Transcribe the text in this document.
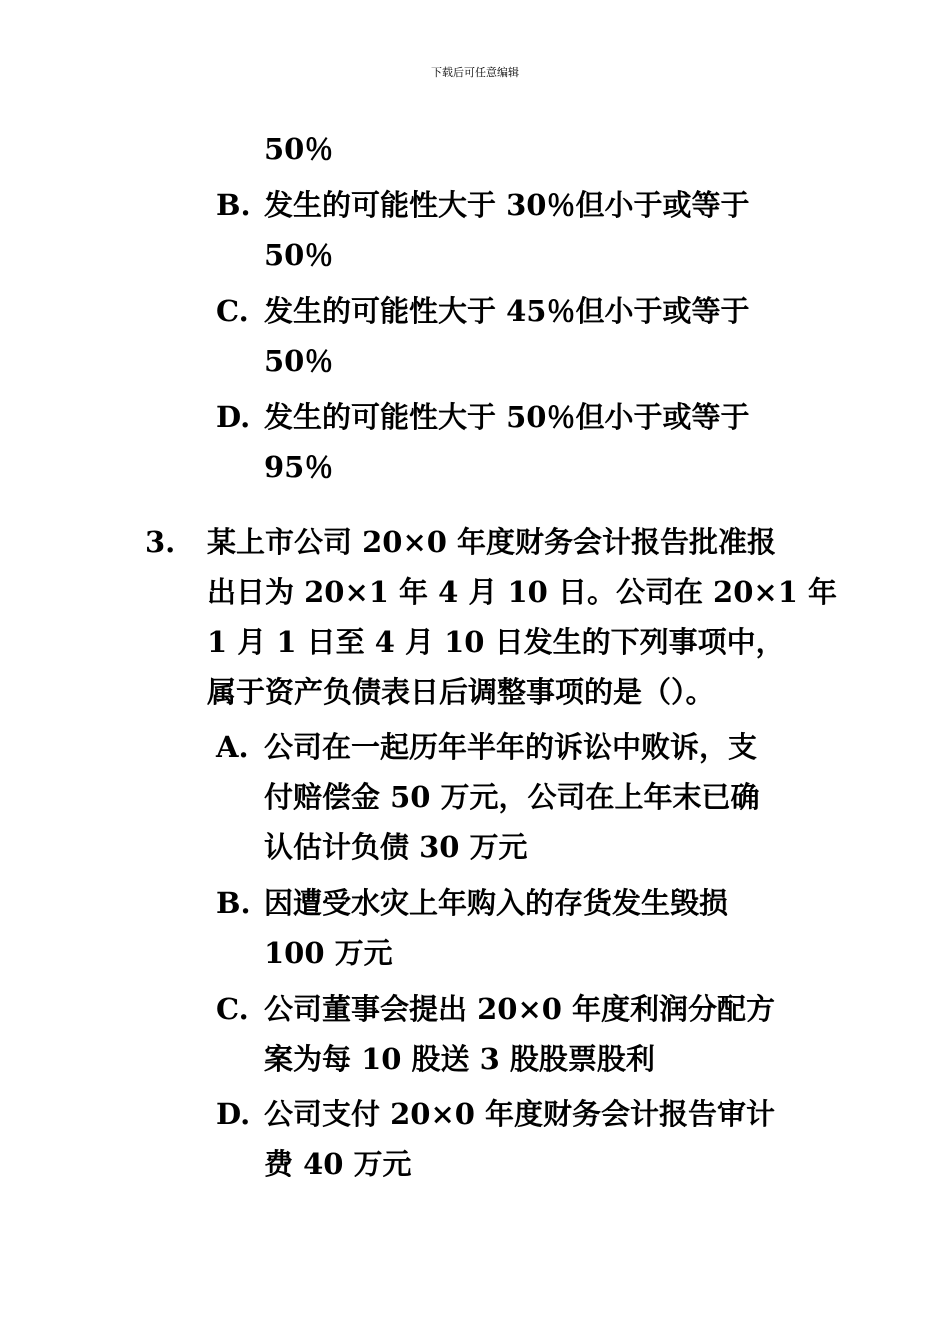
下载后可任意编辑
50％
B. 发生的可能性大于 30％但小于或等于
50％
C. 发生的可能性大于 45％但小于或等于
50％
D. 发生的可能性大于 50％但小于或等于
95％
3. 某上市公司 20×0 年度财务会计报告批准报
出日为 20×1 年 4 月 10 日。公司在 20×1 年
1 月 1 日至 4 月 10 日发生的下列事项中，
属于资产负债表日后调整事项的是（）。
A. 公司在一起历年半年的诉讼中败诉，支
付赔偿金 50 万元，公司在上年末已确
认估计负债 30 万元
B. 因遭受水灾上年购入的存货发生毁损
100 万元
C. 公司董事会提出 20×0 年度利润分配方
案为每 10 股送 3 股股票股利
D. 公司支付 20×0 年度财务会计报告审计
费 40 万元
